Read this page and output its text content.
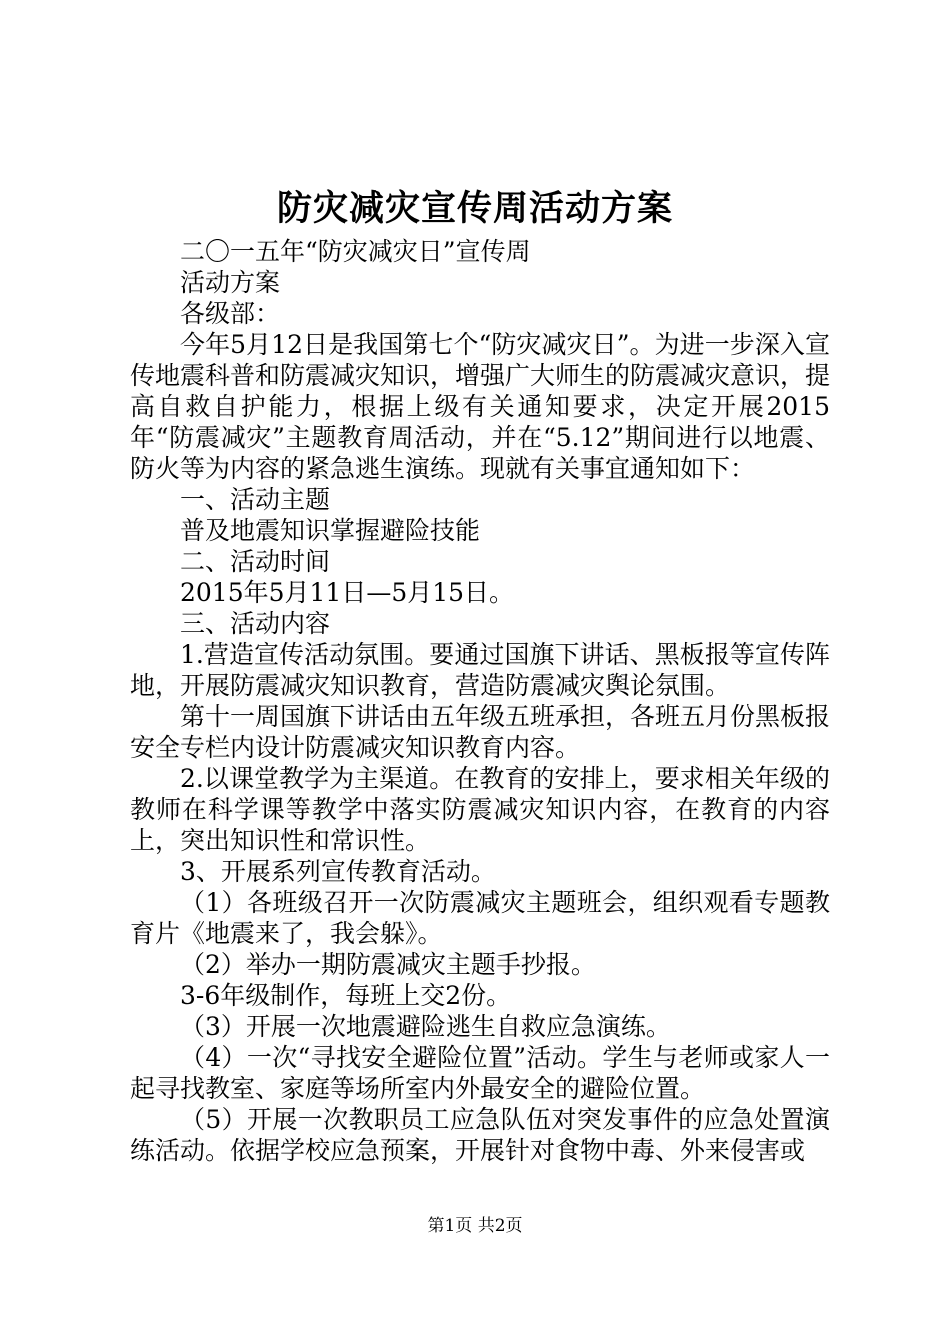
防灾减灾宣传周活动方案

二〇一五年“防灾减灾日”宣传周

活动方案

各级部：

今年5月12日是我国第七个“防灾减灾日”。为进一步深入宣传地震科普和防震减灾知识，增强广大师生的防震减灾意识，提高自救自护能力，根据上级有关通知要求，决定开展2015年“防震减灾”主题教育周活动，并在“5.12”期间进行以地震、防火等为内容的紧急逃生演练。现就有关事宜通知如下：

一、活动主题

普及地震知识掌握避险技能

二、活动时间

2015年5月11日—5月15日。

三、活动内容

1.营造宣传活动氛围。要通过国旗下讲话、黑板报等宣传阵地，开展防震减灾知识教育，营造防震减灾舆论氛围。

第十一周国旗下讲话由五年级五班承担，各班五月份黑板报安全专栏内设计防震减灾知识教育内容。

2.以课堂教学为主渠道。在教育的安排上，要求相关年级的教师在科学课等教学中落实防震减灾知识内容，在教育的内容上，突出知识性和常识性。

3、开展系列宣传教育活动。

（1）各班级召开一次防震减灾主题班会，组织观看专题教育片《地震来了，我会躲》。

（2）举办一期防震减灾主题手抄报。

3-6年级制作，每班上交2份。

（3）开展一次地震避险逃生自救应急演练。

（4）一次“寻找安全避险位置”活动。学生与老师或家人一起寻找教室、家庭等场所室内外最安全的避险位置。

（5）开展一次教职员工应急队伍对突发事件的应急处置演练活动。依据学校应急预案，开展针对食物中毒、外来侵害或

第1页 共2页
